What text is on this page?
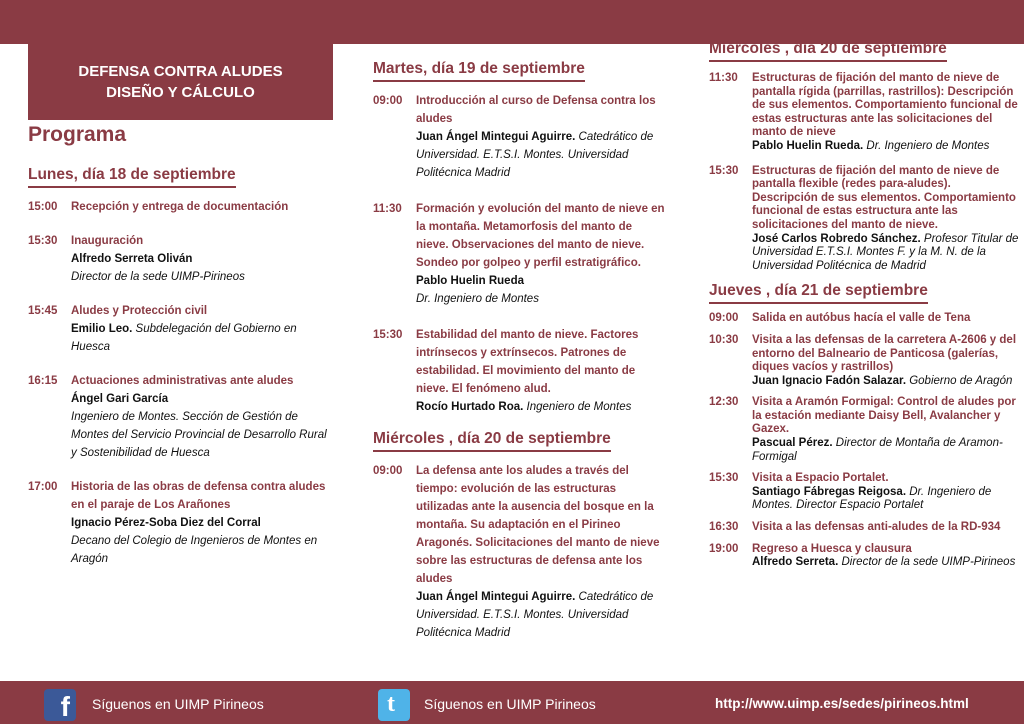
DEFENSA CONTRA ALUDES
DISEÑO Y CÁLCULO
Programa
Lunes, día 18 de septiembre
15:00	Recepción y entrega de documentación
15:30	Inauguración
Alfredo Serreta Oliván
Director de la sede UIMP-Pirineos
15:45	Aludes y Protección civil
Emilio Leo. Subdelegación del Gobierno en Huesca
16:15	Actuaciones administrativas ante aludes
Ángel Gari García
Ingeniero de Montes. Sección de Gestión de Montes del Servicio Provincial de Desarrollo Rural y Sostenibilidad de Huesca
17:00	Historia de las obras de defensa contra aludes en el paraje de Los Arañones
Ignacio Pérez-Soba Diez del Corral
Decano del Colegio de Ingenieros de Montes en Aragón
Martes, día 19 de septiembre
09:00	Introducción al curso de Defensa contra los aludes
Juan Ángel Mintegui Aguirre. Catedrático de Universidad. E.T.S.I. Montes. Universidad Politécnica Madrid
11:30	Formación y evolución del manto de nieve en la montaña. Metamorfosis del manto de nieve. Observaciones del manto de nieve. Sondeo por golpeo y perfil estratigráfico.
Pablo Huelin Rueda
Dr. Ingeniero de Montes
15:30	Estabilidad del manto de nieve. Factores intrínsecos y extrínsecos. Patrones de estabilidad. El movimiento del manto de nieve. El fenómeno alud.
Rocío Hurtado Roa. Ingeniero de Montes
Miércoles , día 20 de septiembre
09:00	La defensa ante los aludes a través del tiempo: evolución de las estructuras utilizadas ante la ausencia del bosque en la montaña. Su adaptación en el Pirineo Aragonés. Solicitaciones del manto de nieve sobre las estructuras de defensa ante los aludes
Juan Ángel Mintegui Aguirre. Catedrático de Universidad. E.T.S.I. Montes. Universidad Politécnica Madrid
Miércoles , día 20 de septiembre
11:30	Estructuras de fijación del manto de nieve de pantalla rígida (parrillas, rastrillos): Descripción de sus elementos. Comportamiento funcional de estas estructuras ante las solicitaciones del manto de nieve
Pablo Huelin Rueda. Dr. Ingeniero de Montes
15:30	Estructuras de fijación del manto de nieve de pantalla flexible (redes para-aludes). Descripción de sus elementos. Comportamiento funcional de estas estructura ante las solicitaciones del manto de nieve.
José Carlos Robredo Sánchez. Profesor Titular de Universidad E.T.S.I. Montes F. y la M. N. de la Universidad Politécnica de Madrid
Jueves , día 21 de septiembre
09:00	Salida en autóbus hacía el valle de Tena
10:30	Visita a las defensas de la carretera A-2606 y del entorno del Balneario de Panticosa (galerías, diques vacíos y rastrillos)
Juan Ignacio Fadón Salazar. Gobierno de Aragón
12:30	Visita a Aramón Formigal: Control de aludes por la estación mediante Daisy Bell, Avalancher y Gazex.
Pascual Pérez. Director de Montaña de Aramon-Formigal
15:30	Visita a Espacio Portalet.
Santiago Fábregas Reigosa. Dr. Ingeniero de Montes. Director Espacio Portalet
16:30	Visita a las defensas anti-aludes de la RD-934
19:00	Regreso a Huesca y clausura
Alfredo Serreta. Director de la sede UIMP-Pirineos
f Síguenos en UIMP Pirineos	t Síguenos en UIMP Pirineos	http://www.uimp.es/sedes/pirineos.html
